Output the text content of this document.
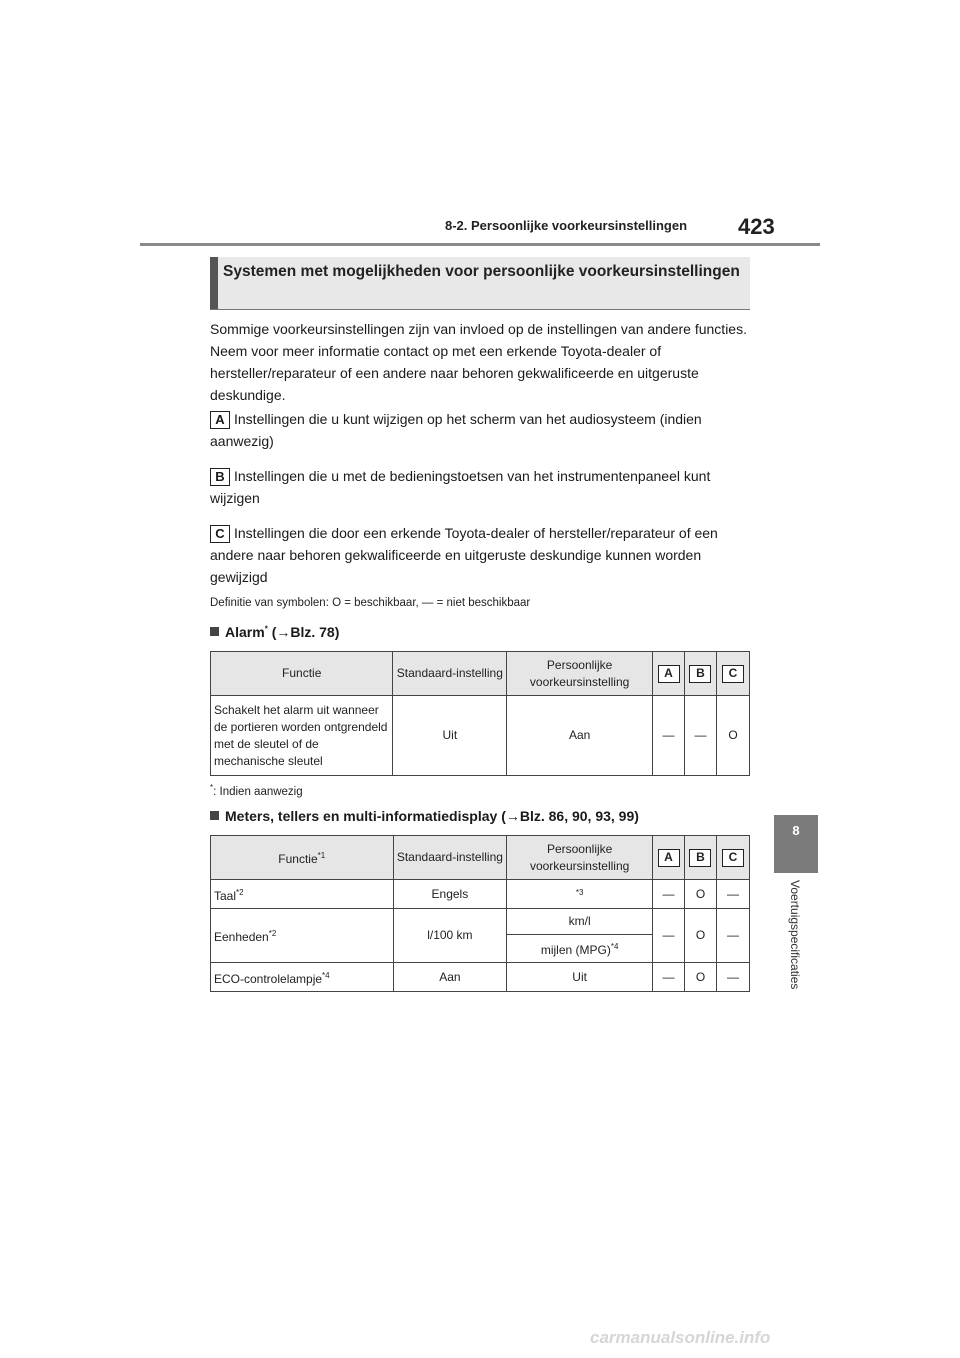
8-2. Persoonlijke voorkeursinstellingen 423
8
Voertuigspecificaties
Systemen met mogelijkheden voor persoonlijke voorkeursinstellingen
Sommige voorkeursinstellingen zijn van invloed op de instellingen van andere functies. Neem voor meer informatie contact op met een erkende Toyota-dealer of hersteller/reparateur of een andere naar behoren gekwalificeerde en uitgeruste deskundige.
A Instellingen die u kunt wijzigen op het scherm van het audiosysteem (indien aanwezig)
B Instellingen die u met de bedieningstoetsen van het instrumentenpaneel kunt wijzigen
C Instellingen die door een erkende Toyota-dealer of hersteller/reparateur of een andere naar behoren gekwalificeerde en uitgeruste deskundige kunnen worden gewijzigd
Definitie van symbolen: O = beschikbaar, — = niet beschikbaar
Alarm* (→Blz. 78)
Functie	Standaard-instelling	Persoonlijke voorkeursinstelling	A	B	C
Schakelt het alarm uit wanneer de portieren worden ontgrendeld met de sleutel of de mechanische sleutel	Uit	Aan	—	—	O
*: Indien aanwezig
Meters, tellers en multi-informatiedisplay (→Blz. 86, 90, 93, 99)
Functie$^{*1}$	Standaard-instelling	Persoonlijke voorkeursinstelling	A	B	C
Taal$^{*2}$	Engels	$^{*3}$	—	O	—
Eenheden$^{*2}$	l/100 km	km/l	—	O	—
		mijlen (MPG)$^{*4}$
ECO-controlelampje$^{*4}$	Aan	Uit	—	O	—
carmanualsonline.info
